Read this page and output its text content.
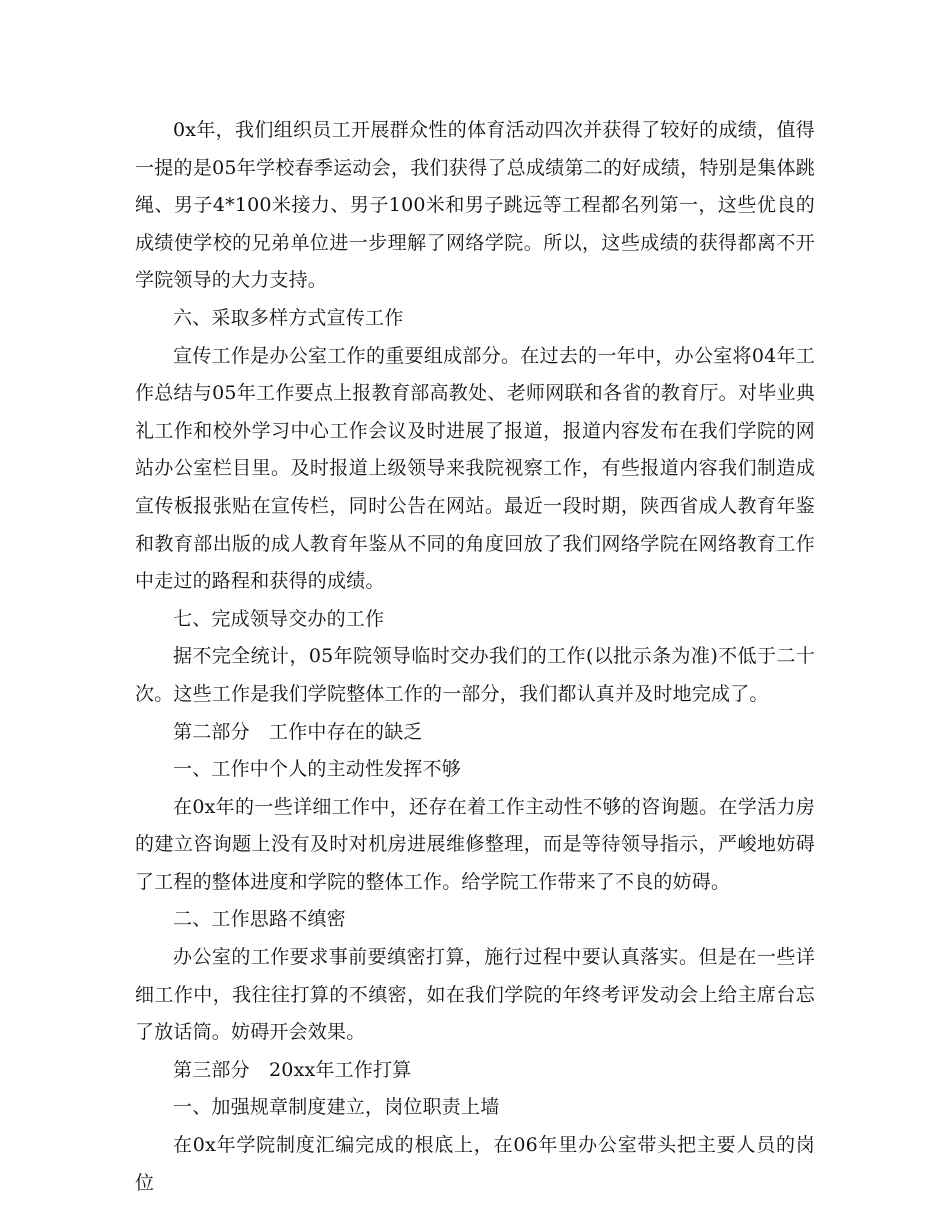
0x年，我们组织员工开展群众性的体育活动四次并获得了较好的成绩，值得一提的是05年学校春季运动会，我们获得了总成绩第二的好成绩，特别是集体跳绳、男子4*100米接力、男子100米和男子跳远等工程都名列第一，这些优良的成绩使学校的兄弟单位进一步理解了网络学院。所以，这些成绩的获得都离不开学院领导的大力支持。

六、采取多样方式宣传工作

宣传工作是办公室工作的重要组成部分。在过去的一年中，办公室将04年工作总结与05年工作要点上报教育部高教处、老师网联和各省的教育厅。对毕业典礼工作和校外学习中心工作会议及时进展了报道，报道内容发布在我们学院的网站办公室栏目里。及时报道上级领导来我院视察工作，有些报道内容我们制造成宣传板报张贴在宣传栏，同时公告在网站。最近一段时期，陕西省成人教育年鉴和教育部出版的成人教育年鉴从不同的角度回放了我们网络学院在网络教育工作中走过的路程和获得的成绩。

七、完成领导交办的工作

据不完全统计，05年院领导临时交办我们的工作(以批示条为准)不低于二十次。这些工作是我们学院整体工作的一部分，我们都认真并及时地完成了。

第二部分　工作中存在的缺乏

一、工作中个人的主动性发挥不够

在0x年的一些详细工作中，还存在着工作主动性不够的咨询题。在学活力房的建立咨询题上没有及时对机房进展维修整理，而是等待领导指示，严峻地妨碍了工程的整体进度和学院的整体工作。给学院工作带来了不良的妨碍。

二、工作思路不缜密

办公室的工作要求事前要缜密打算，施行过程中要认真落实。但是在一些详细工作中，我往往打算的不缜密，如在我们学院的年终考评发动会上给主席台忘了放话筒。妨碍开会效果。

第三部分　20xx年工作打算

一、加强规章制度建立，岗位职责上墙

在0x年学院制度汇编完成的根底上，在06年里办公室带头把主要人员的岗位
